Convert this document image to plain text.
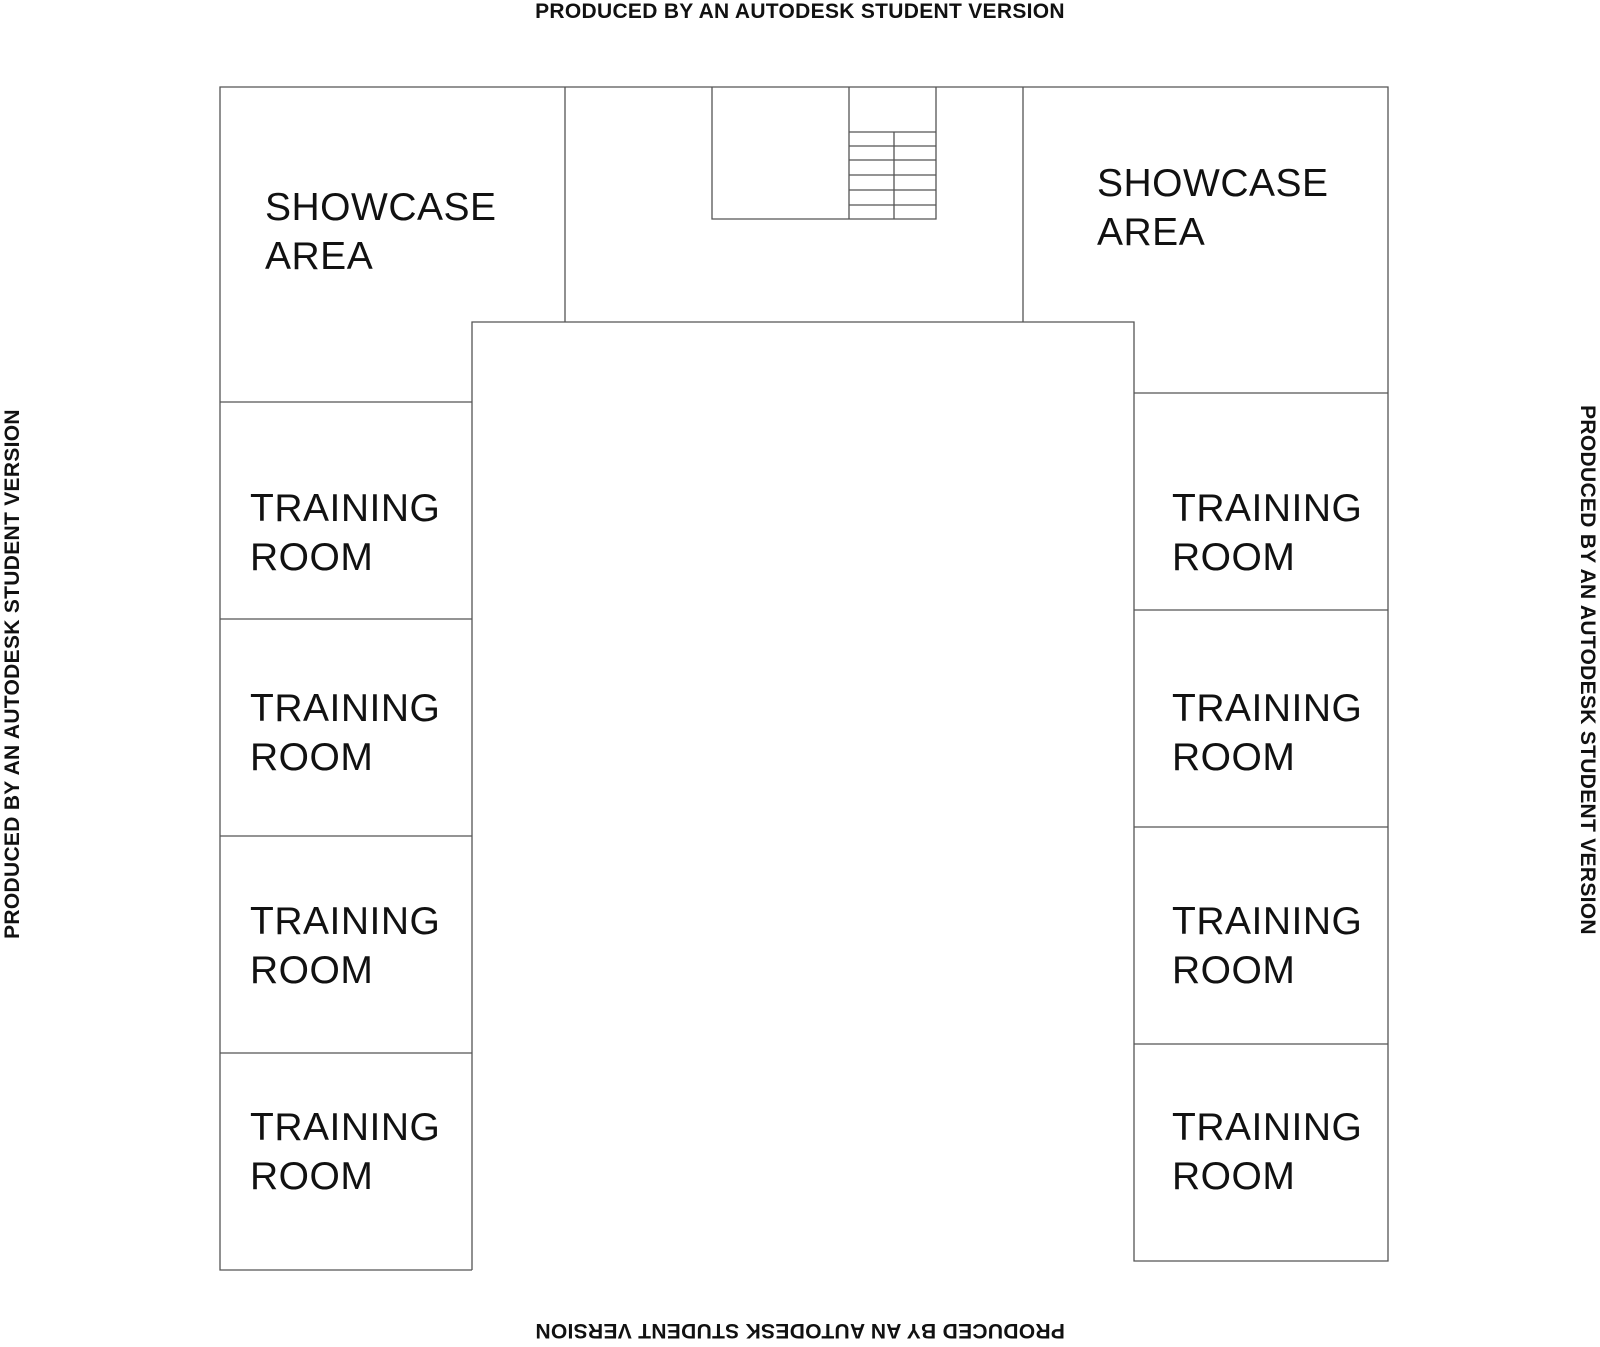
PRODUCED BY AN AUTODESK STUDENT VERSION
PRODUCED BY AN AUTODESK STUDENT VERSION
PRODUCED BY AN AUTODESK STUDENT VERSION	PRODUCED BY AN AUTODESK STUDENT VERSION
SHOWCASE
AREA
SHOWCASE
AREA
TRAINING
ROOM
TRAINING
ROOM
TRAINING
ROOM
TRAINING
ROOM
TRAINING
ROOM
TRAINING
ROOM
TRAINING
ROOM
TRAINING
ROOM
